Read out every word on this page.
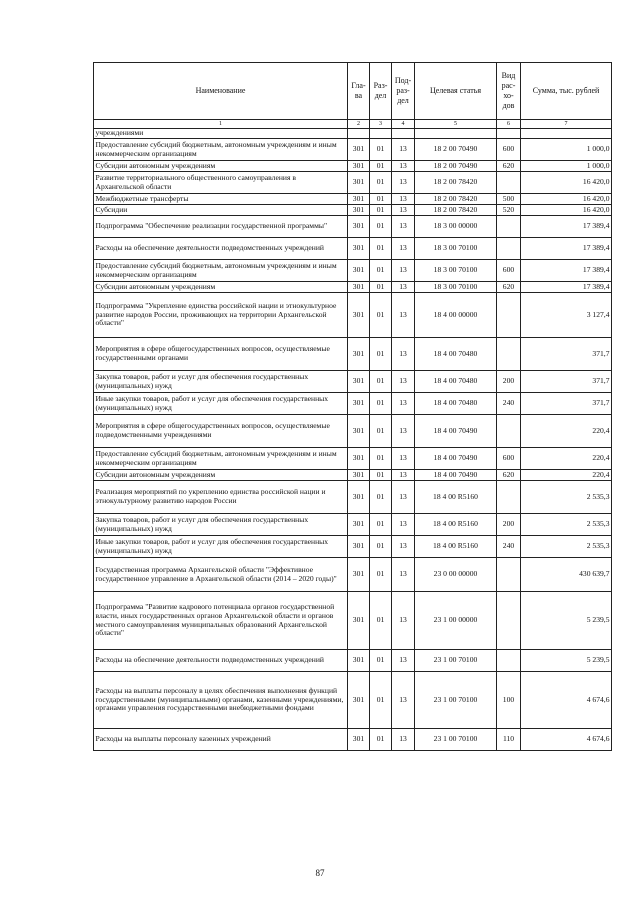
Наименование	Гла-ва	Раз-дел	Под-раз-дел	Целевая статья	Вид рас-хо-дов	Сумма, тыс. рублей
1	2	3	4	5	6	7
учреждениями						
Предоставление субсидий бюджетным, автономным учреждениям и иным некоммерческим организациям	301	01	13	18 2 00 70490	600	1 000,0
Субсидии автономным учреждениям	301	01	13	18 2 00 70490	620	1 000,0
Развитие территориального общественного самоуправления в Архангельской области	301	01	13	18 2 00 78420		16 420,0
Межбюджетные трансферты	301	01	13	18 2 00 78420	500	16 420,0
Субсидии	301	01	13	18 2 00 78420	520	16 420,0
Подпрограмма "Обеспечение реализации государственной программы"	301	01	13	18 3 00 00000		17 389,4
Расходы на обеспечение деятельности подведомственных учреждений	301	01	13	18 3 00 70100		17 389,4
Предоставление субсидий бюджетным, автономным учреждениям и иным некоммерческим организациям	301	01	13	18 3 00 70100	600	17 389,4
Субсидии автономным учреждениям	301	01	13	18 3 00 70100	620	17 389,4
Подпрограмма "Укрепление единства российской нации и этнокультурное развитие народов России, проживающих на территории Архангельской области"	301	01	13	18 4 00 00000		3 127,4
Мероприятия в сфере общегосударственных вопросов, осуществляемые государственными органами	301	01	13	18 4 00 70480		371,7
Закупка товаров, работ и услуг для обеспечения государственных (муниципальных) нужд	301	01	13	18 4 00 70480	200	371,7
Иные закупки товаров, работ и услуг для обеспечения государственных (муниципальных) нужд	301	01	13	18 4 00 70480	240	371,7
Мероприятия в сфере общегосударственных вопросов, осуществляемые подведомственными учреждениями	301	01	13	18 4 00 70490		220,4
Предоставление субсидий бюджетным, автономным учреждениям и иным некоммерческим организациям	301	01	13	18 4 00 70490	600	220,4
Субсидии автономным учреждениям	301	01	13	18 4 00 70490	620	220,4
Реализация мероприятий по укреплению единства российской нации и этнокультурному развитию народов России	301	01	13	18 4 00 R5160		2 535,3
Закупка товаров, работ и услуг для обеспечения государственных (муниципальных) нужд	301	01	13	18 4 00 R5160	200	2 535,3
Иные закупки товаров, работ и услуг для обеспечения государственных (муниципальных) нужд	301	01	13	18 4 00 R5160	240	2 535,3
Государственная программа Архангельской области "Эффективное государственное управление в Архангельской области (2014 – 2020 годы)"	301	01	13	23 0 00 00000		430 639,7
Подпрограмма "Развитие кадрового потенциала органов государственной власти, иных государственных органов Архангельской области и органов местного самоуправления муниципальных образований Архангельской области"	301	01	13	23 1 00 00000		5 239,5
Расходы на обеспечение деятельности подведомственных учреждений	301	01	13	23 1 00 70100		5 239,5
Расходы на выплаты персоналу в целях обеспечения выполнения функций государственными (муниципальными) органами, казенными учреждениями, органами управления государственными внебюджетными фондами	301	01	13	23 1 00 70100	100	4 674,6
Расходы на выплаты персоналу казенных учреждений	301	01	13	23 1 00 70100	110	4 674,6
87
